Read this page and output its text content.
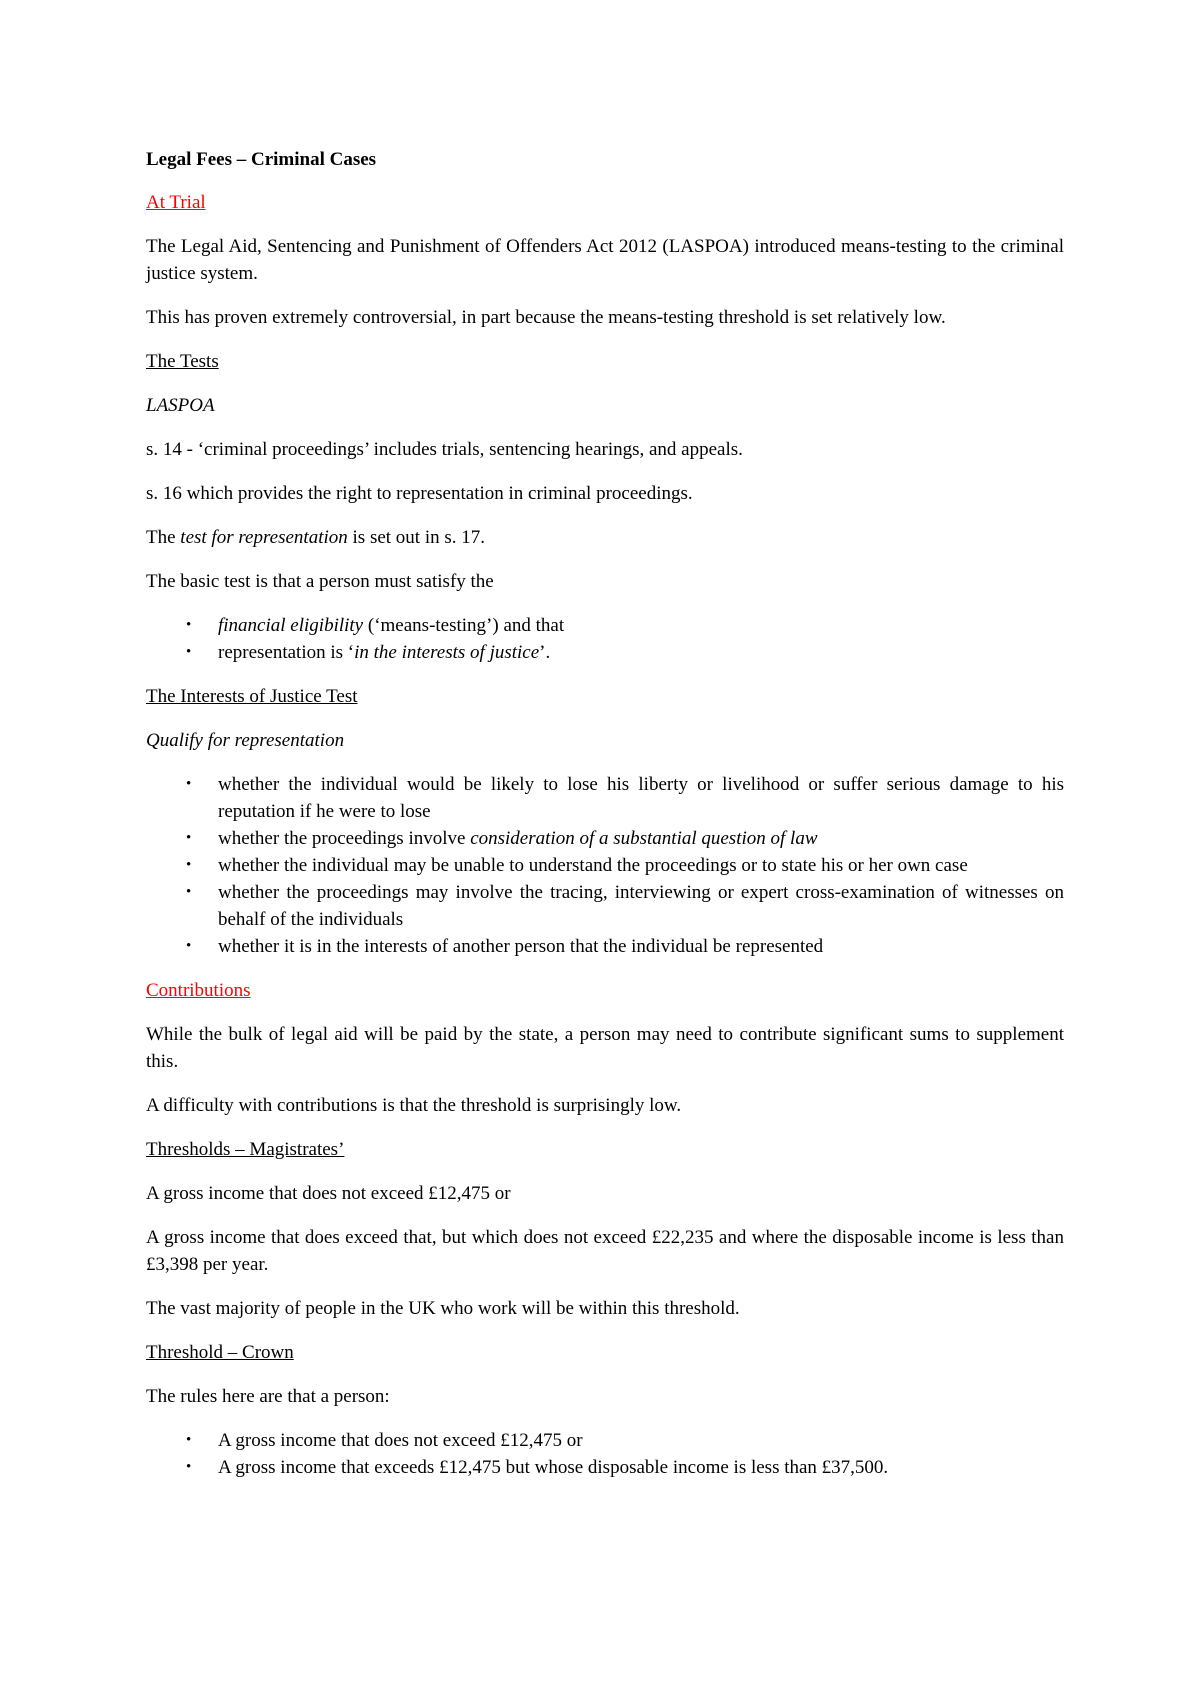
Legal Fees – Criminal Cases

At Trial

The Legal Aid, Sentencing and Punishment of Offenders Act 2012 (LASPOA) introduced means-testing to the criminal justice system.

This has proven extremely controversial, in part because the means-testing threshold is set relatively low.

The Tests

LASPOA

s. 14 - ‘criminal proceedings’ includes trials, sentencing hearings, and appeals.

s. 16 which provides the right to representation in criminal proceedings.

The test for representation is set out in s. 17.

The basic test is that a person must satisfy the

• financial eligibility (‘means-testing’) and that
• representation is ‘in the interests of justice’.

The Interests of Justice Test

Qualify for representation

• whether the individual would be likely to lose his liberty or livelihood or suffer serious damage to his reputation if he were to lose
• whether the proceedings involve consideration of a substantial question of law
• whether the individual may be unable to understand the proceedings or to state his or her own case
• whether the proceedings may involve the tracing, interviewing or expert cross-examination of witnesses on behalf of the individuals
• whether it is in the interests of another person that the individual be represented

Contributions

While the bulk of legal aid will be paid by the state, a person may need to contribute significant sums to supplement this.

A difficulty with contributions is that the threshold is surprisingly low.

Thresholds – Magistrates’

A gross income that does not exceed £12,475 or

A gross income that does exceed that, but which does not exceed £22,235 and where the disposable income is less than £3,398 per year.

The vast majority of people in the UK who work will be within this threshold.

Threshold – Crown

The rules here are that a person:

• A gross income that does not exceed £12,475 or
• A gross income that exceeds £12,475 but whose disposable income is less than £37,500.
